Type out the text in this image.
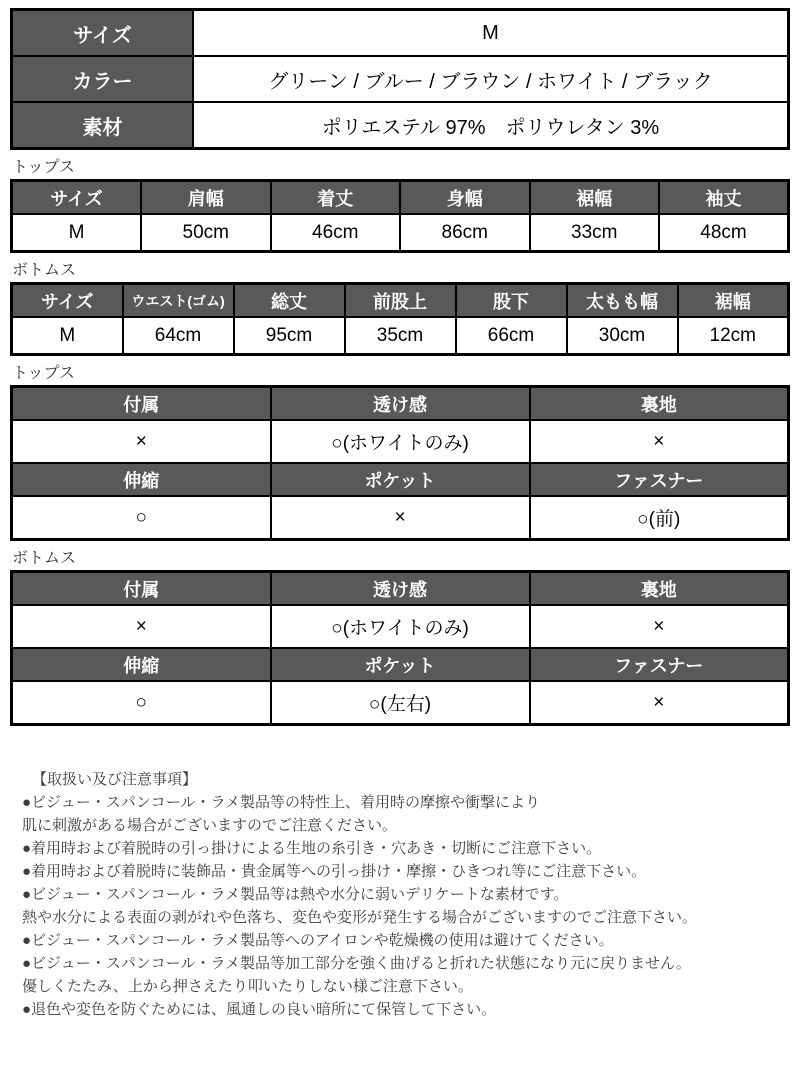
サイズ	M
カラー	グリーン / ブルー / ブラウン / ホワイト / ブラック
素材	ポリエステル 97%　ポリウレタン 3%
トップス
サイズ	肩幅	着丈	身幅	裾幅	袖丈
M	50cm	46cm	86cm	33cm	48cm
ボトムス
サイズ	ウエスト(ゴム)	総丈	前股上	股下	太もも幅	裾幅
M	64cm	95cm	35cm	66cm	30cm	12cm
トップス
付属	透け感	裏地
×	○(ホワイトのみ)	×
伸縮	ポケット	ファスナー
○	×	○(前)
ボトムス
付属	透け感	裏地
×	○(ホワイトのみ)	×
伸縮	ポケット	ファスナー
○	○(左右)	×
【取扱い及び注意事項】
●ビジュー・スパンコール・ラメ製品等の特性上、着用時の摩擦や衝撃により
肌に刺激がある場合がございますのでご注意ください。
●着用時および着脱時の引っ掛けによる生地の糸引き・穴あき・切断にご注意下さい。
●着用時および着脱時に装飾品・貴金属等への引っ掛け・摩擦・ひきつれ等にご注意下さい。
●ビジュー・スパンコール・ラメ製品等は熱や水分に弱いデリケートな素材です。
熱や水分による表面の剥がれや色落ち、変色や変形が発生する場合がございますのでご注意下さい。
●ビジュー・スパンコール・ラメ製品等へのアイロンや乾燥機の使用は避けてください。
●ビジュー・スパンコール・ラメ製品等加工部分を強く曲げると折れた状態になり元に戻りません。
優しくたたみ、上から押さえたり叩いたりしない様ご注意下さい。
●退色や変色を防ぐためには、風通しの良い暗所にて保管して下さい。
